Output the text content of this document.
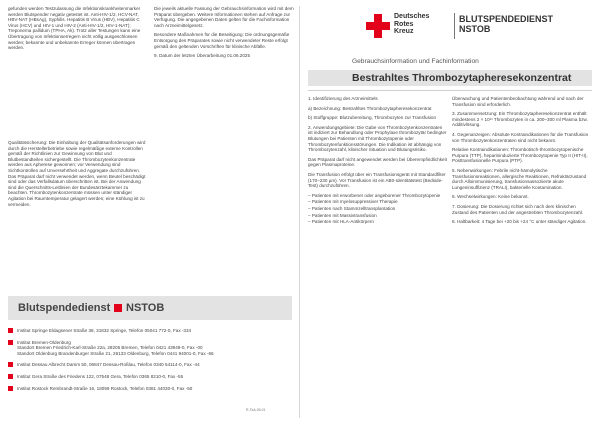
gefunden werden Testzulassung die Infektionskrankheitenmarker werden Blutspender negativ getestet ist. Anti-HIV-1/2, HCV-NAT, HBV-NAT (HBsAg), Syphilis. Hepatitis B Virus (HBV), Hepatitis C Virus (HCV) und HIV-1 und HIV-2 (Anti-HIV-1/2, HIV-1-NAT); Treponema pallidum (TPHA, Ak). Trotz aller Testungen kann eine Übertragung von Infektionserregern nicht völlig ausgeschlossen werden; bekannte und unbekannte Erreger können übertragen werden.

Qualitätssicherung: Die Einhaltung der Qualitätsanforderungen wird durch die Herstellerbetriebe sowie regelmäßige externe Kontrollen gemäß der Richtlinien zur Gewinnung von Blut und Blutbestandteilen sichergestellt. Die Thrombozytenkonzentrate werden aus Apherese gewonnen; vor Verwendung sind Sichtkontrollen auf Unversehrtheit und Aggregate durchzuführen. Das Präparat darf nicht verwendet werden, wenn Beutel beschädigt sind oder das Verfallsdatum überschritten ist. Bei der Anwendung sind die Querschnitts-Leitlinien der Bundesärztekammer zu beachten. Thrombozytenkonzentrate müssen unter ständiger Agitation bei Raumtemperatur gelagert werden; eine Kühlung ist zu vermeiden.

Die jeweils aktuelle Fassung der Gebrauchsinformation wird mit dem Präparat übergeben. Weitere Informationen stehen auf Anfrage zur Verfügung. Die angegebenen Daten gelten für die Fachinformation nach Arzneimittelgesetz.

Besondere Maßnahmen für die Beseitigung: Die ordnungsgemäße Entsorgung des Präparates sowie nicht verwendeter Reste erfolgt gemäß den geltenden Vorschriften für klinische Abfälle.

9. Datum der letzten Überarbeitung 01.06.2025

Blutspendedienst NSTOB
Institut Springe Eldagsener Straße 38, 31832 Springe, Telefon 05041 772-0, Fax -334
Institut Bremen-Oldenburg
Standort Bremen Friedrich-Karl-Straße 22a, 28205 Bremen, Telefon 0421 43949-0, Fax -00
Standort Oldenburg Brandenburger Straße 21, 26133 Oldenburg, Telefon 0441 94001-0, Fax -66
Institut Dessau Albrecht Damm 50, 06847 Dessau-Roßlau, Telefon 0340 54114-0, Fax -44
Institut Gera Straße des Friedens 122, 07548 Gera, Telefon 0365 8210-0, Fax -55
Institut Rostock Rembrandt-Straße 16, 18059 Rostock, Telefon 0381 44030-0, Fax -50
R-TkA-05-01
Deutsches
Rotes
Kreuz
BLUTSPENDEDIENST
NSTOB
Gebrauchsinformation und Fachinformation
Bestrahltes Thrombozytapheresekonzentrat

1. Identifizierung des Arzneimittels

a) Bezeichnung: Bestrahltes Thrombozytapheresekonzentrat

b) Stoffgruppe: Blutzubereitung, Thrombozyten zur Transfusion

2. Anwendungsgebiete: Die Gabe von Thrombozytenkonzentraten ist indiziert zur Behandlung oder Prophylaxe thrombozytär bedingter Blutungen bei Patienten mit Thrombozytopenie oder Thrombozytenfunktionsstörungen. Die Indikation ist abhängig von Thrombozytenzahl, klinischer Situation und Blutungsrisiko.

Das Präparat darf nicht angewendet werden bei Überempfindlichkeit gegen Plasmaproteine.

Die Transfusion erfolgt über ein Transfusionsgerät mit Standardfilter (170–230 µm). Vor Transfusion ist ein AB0-Identitätstest (Bedside-Test) durchzuführen.

– Patienten mit erworbener oder angeborener Thrombozytopenie

– Patienten mit myelosuppressiver Therapie

– Patienten nach Stammzelltransplantation

– Patienten mit Massivtransfusion

– Patienten mit HLA-Antikörpern

Überwachung und Patientenbeobachtung während und nach der Transfusion sind erforderlich.

3. Zusammensetzung: Ein Thrombozytapheresekonzentrat enthält mindestens 2 × 10¹¹ Thrombozyten in ca. 200–300 ml Plasma bzw. Additivlösung.

4. Gegenanzeigen: Absolute Kontraindikationen für die Transfusion von Thrombozytenkonzentraten sind nicht bekannt.

Relative Kontraindikationen: Thrombotisch-thrombozytopenische Purpura (TTP), heparininduzierte Thrombozytopenie Typ II (HIT-II), Posttransfusionelle Purpura (PTP).

5. Nebenwirkungen: Febrile nicht-hämolytische Transfusionsreaktionen, allergische Reaktionen, Refraktärzustand durch Alloimmunisierung, transfusionsassoziierte akute Lungeninsuffizienz (TRALI), bakterielle Kontamination.

6. Wechselwirkungen: Keine bekannt.

7. Dosierung: Die Dosierung richtet sich nach dem klinischen Zustand des Patienten und der angestrebten Thrombozytenzahl.

8. Haltbarkeit: 4 Tage bei +20 bis +24 °C unter ständiger Agitation.
